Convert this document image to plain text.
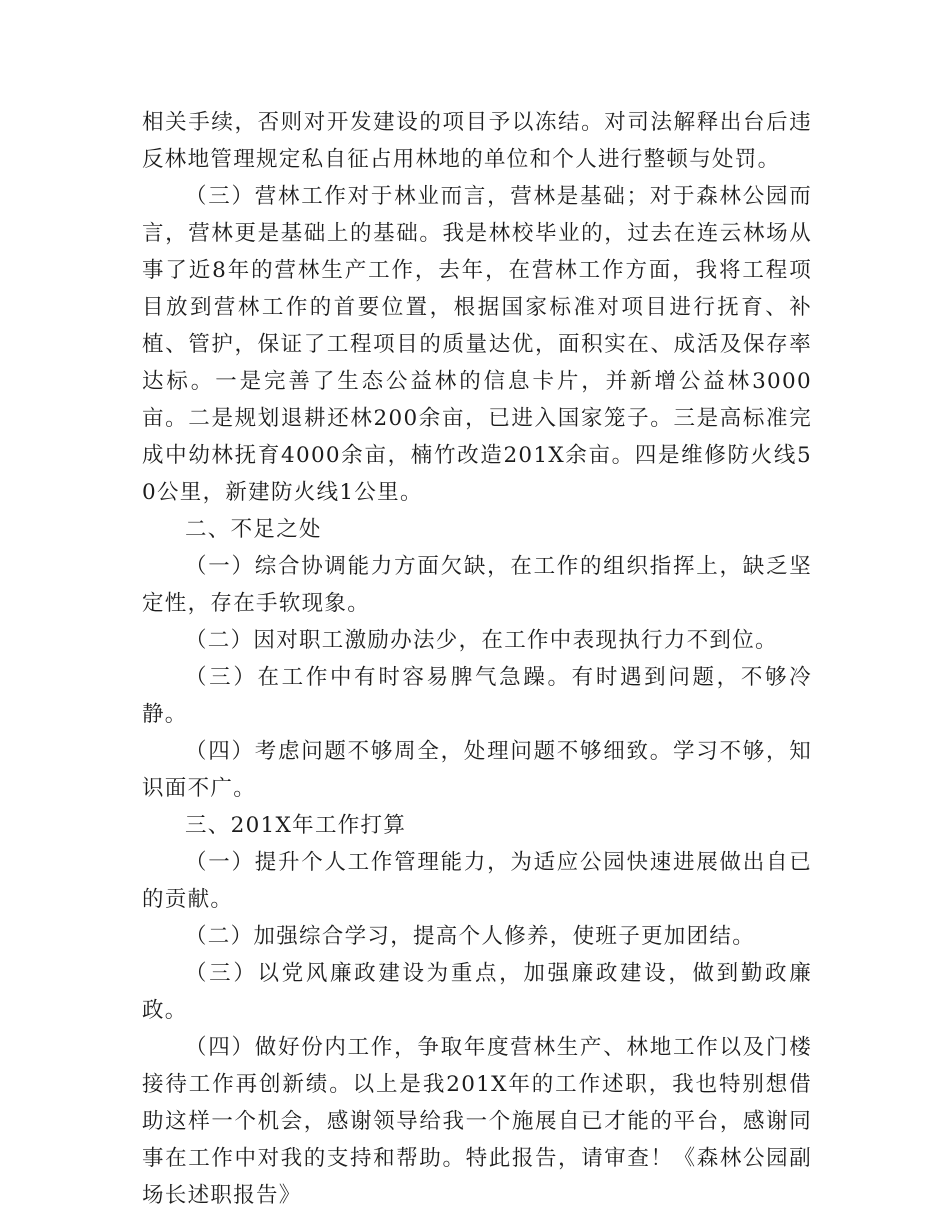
相关手续，否则对开发建设的项目予以冻结。对司法解释出台后违反林地管理规定私自征占用林地的单位和个人进行整顿与处罚。

（三）营林工作对于林业而言，营林是基础；对于森林公园而言，营林更是基础上的基础。我是林校毕业的，过去在连云林场从事了近8年的营林生产工作，去年，在营林工作方面，我将工程项目放到营林工作的首要位置，根据国家标准对项目进行抚育、补植、管护，保证了工程项目的质量达优，面积实在、成活及保存率达标。一是完善了生态公益林的信息卡片，并新增公益林3000亩。二是规划退耕还林200余亩，已进入国家笼子。三是高标准完成中幼林抚育4000余亩，楠竹改造201X余亩。四是维修防火线50公里，新建防火线1公里。

二、不足之处

（一）综合协调能力方面欠缺，在工作的组织指挥上，缺乏坚定性，存在手软现象。

（二）因对职工激励办法少，在工作中表现执行力不到位。

（三）在工作中有时容易脾气急躁。有时遇到问题，不够冷静。

（四）考虑问题不够周全，处理问题不够细致。学习不够，知识面不广。

三、201X年工作打算

（一）提升个人工作管理能力，为适应公园快速进展做出自已的贡献。

（二）加强综合学习，提高个人修养，使班子更加团结。

（三）以党风廉政建设为重点，加强廉政建设，做到勤政廉政。

（四）做好份内工作，争取年度营林生产、林地工作以及门楼接待工作再创新绩。以上是我201X年的工作述职，我也特别想借助这样一个机会，感谢领导给我一个施展自已才能的平台，感谢同事在工作中对我的支持和帮助。特此报告，请审查！《森林公园副场长述职报告》
